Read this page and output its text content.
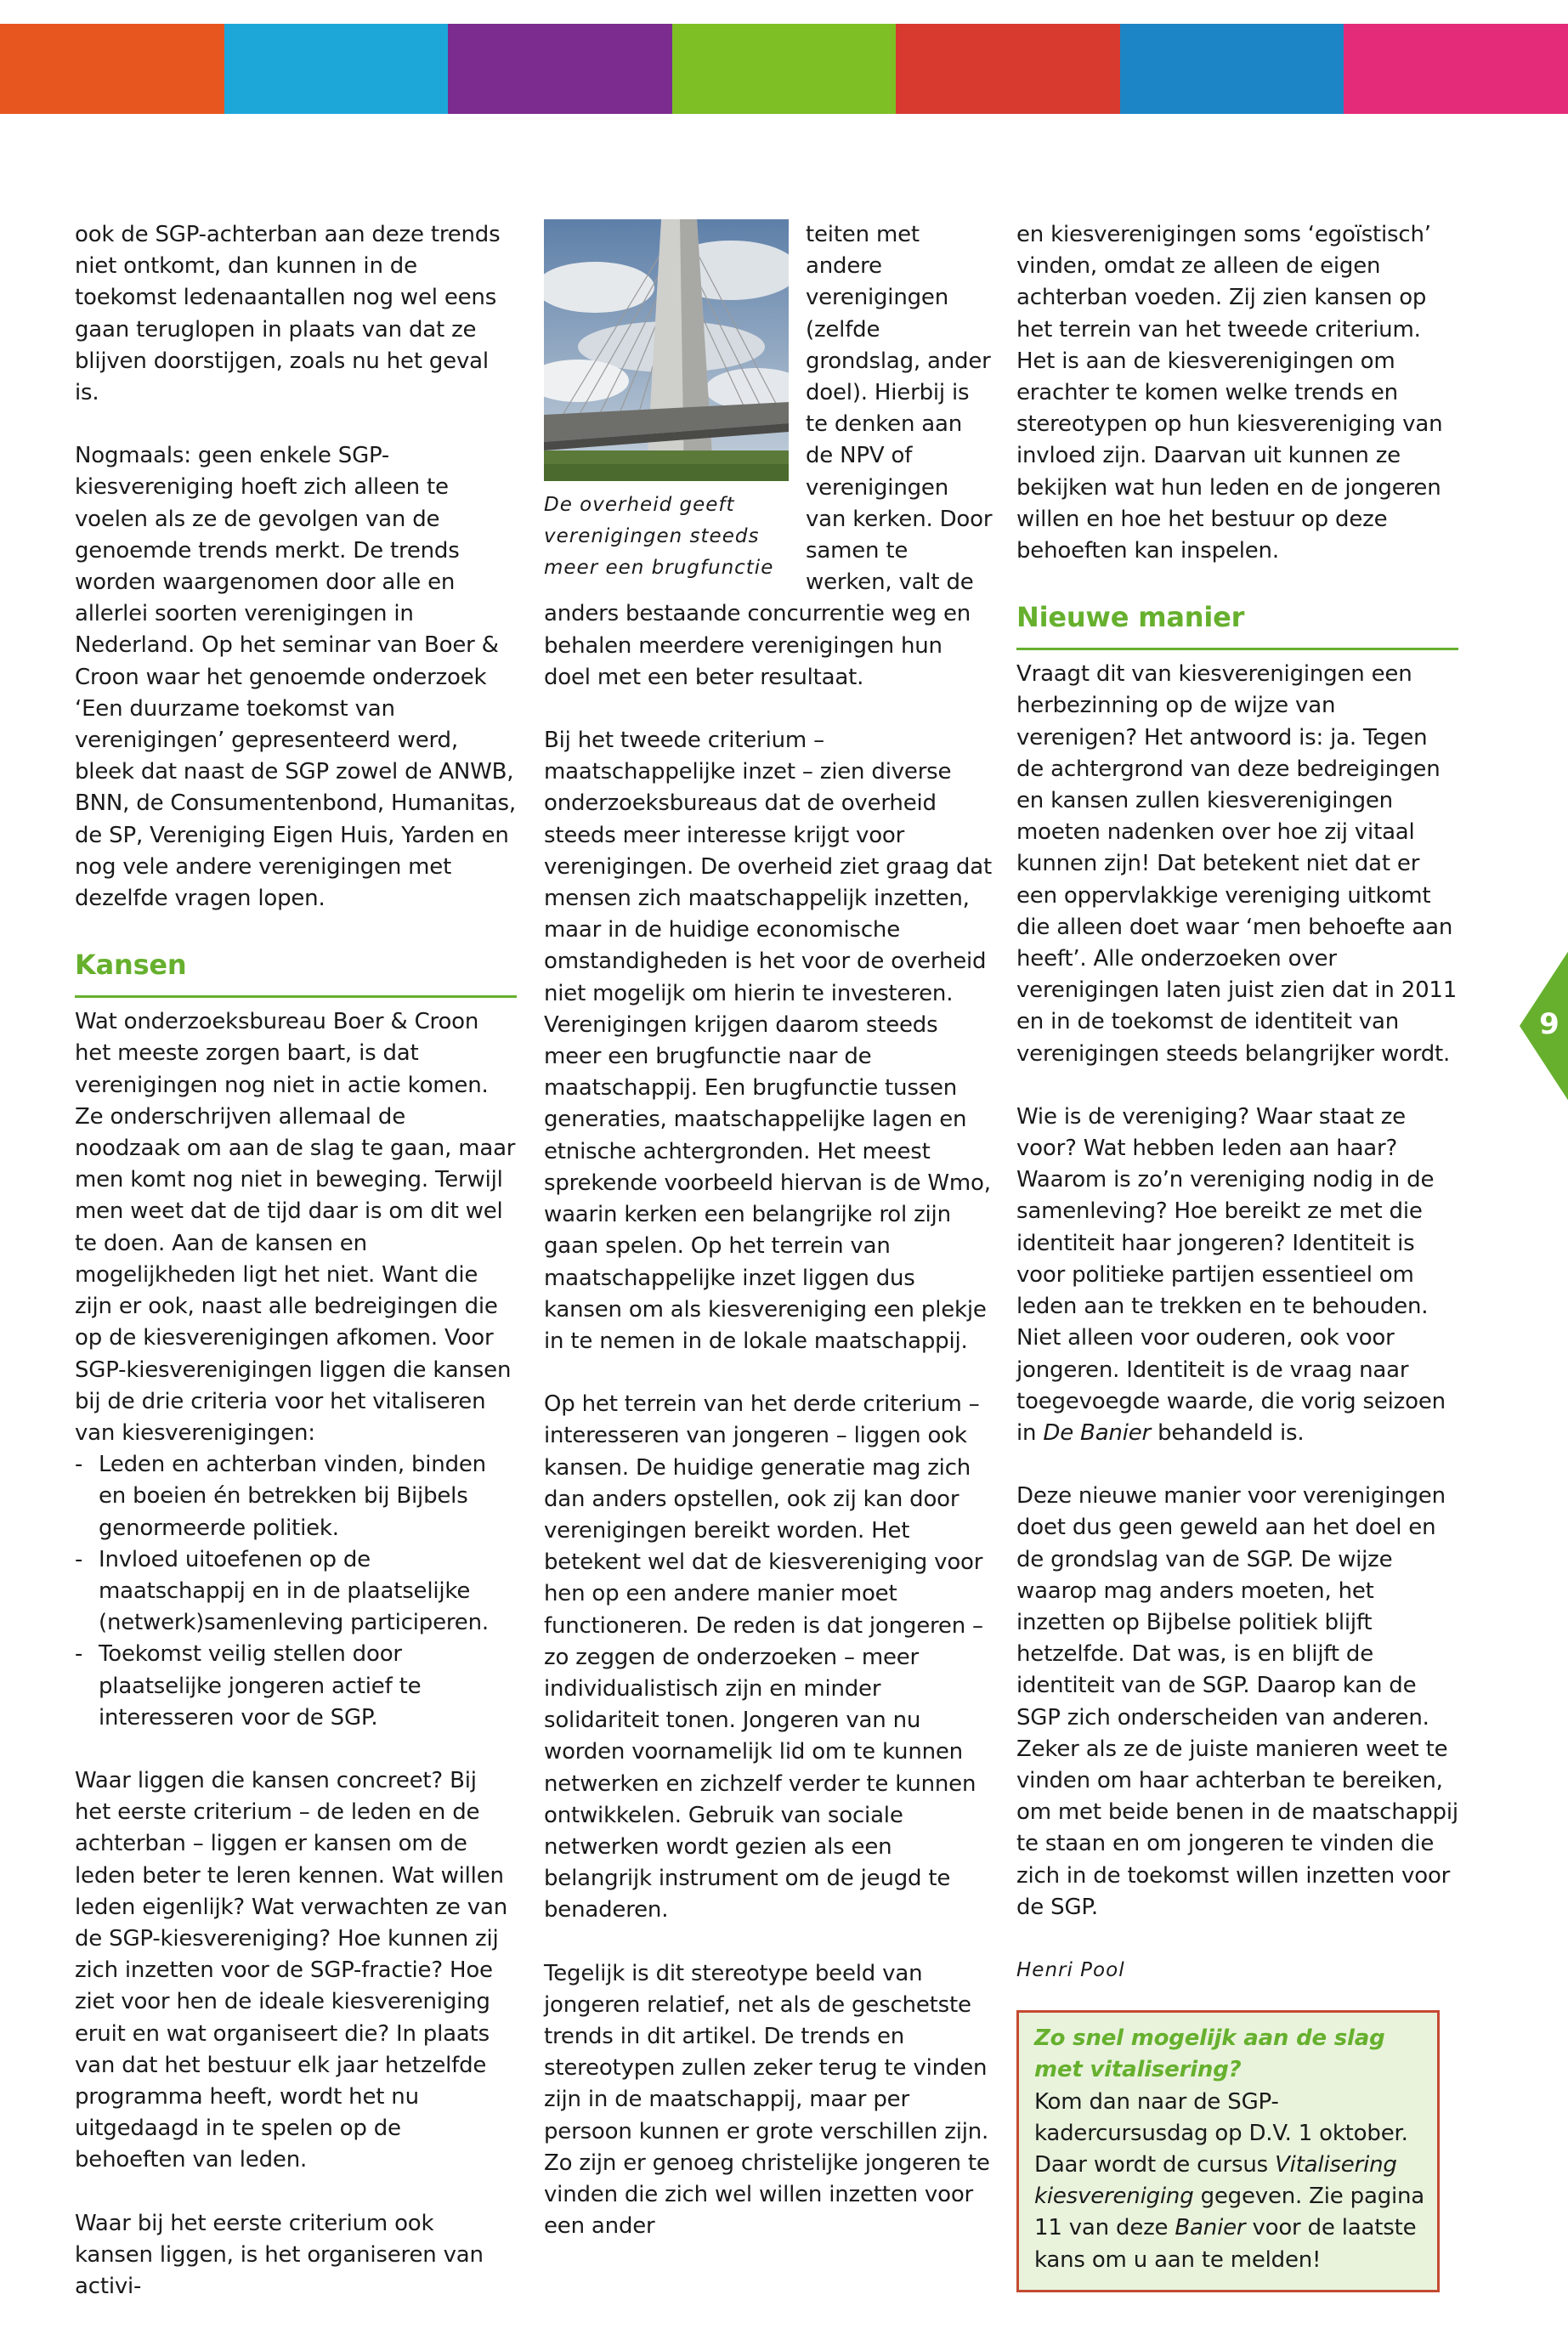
ook de SGP-achterban aan deze trends niet ontkomt, dan kunnen in de toekomst ledenaantallen nog wel eens gaan teruglopen in plaats van dat ze blijven doorstijgen, zoals nu het geval is.

Nogmaals: geen enkele SGP-kiesvereniging hoeft zich alleen te voelen als ze de gevolgen van de genoemde trends merkt. De trends worden waargenomen door alle en allerlei soorten verenigingen in Nederland. Op het seminar van Boer & Croon waar het genoemde onderzoek ‘Een duurzame toekomst van verenigingen’ gepresenteerd werd, bleek dat naast de SGP zowel de ANWB, BNN, de Consumentenbond, Humanitas, de SP, Vereniging Eigen Huis, Yarden en nog vele andere verenigingen met dezelfde vragen lopen.

Kansen

Wat onderzoeksbureau Boer & Croon het meeste zorgen baart, is dat verenigingen nog niet in actie komen. Ze onderschrijven allemaal de noodzaak om aan de slag te gaan, maar men komt nog niet in beweging. Terwijl men weet dat de tijd daar is om dit wel te doen. Aan de kansen en mogelijkheden ligt het niet. Want die zijn er ook, naast alle bedreigingen die op de kiesverenigingen afkomen. Voor SGP-kiesverenigingen liggen die kansen bij de drie criteria voor het vitaliseren van kiesverenigingen:

- Leden en achterban vinden, binden en boeien én betrekken bij Bijbels genormeerde politiek.
- Invloed uitoefenen op de maatschappij en in de plaatselijke (netwerk)samenleving participeren.
- Toekomst veilig stellen door plaatselijke jongeren actief te interesseren voor de SGP.

Waar liggen die kansen concreet? Bij het eerste criterium – de leden en de achterban – liggen er kansen om de leden beter te leren kennen. Wat willen leden eigenlijk? Wat verwachten ze van de SGP-kiesvereniging? Hoe kunnen zij zich inzetten voor de SGP-fractie? Hoe ziet voor hen de ideale kiesvereniging eruit en wat organiseert die? In plaats van dat het bestuur elk jaar hetzelfde programma heeft, wordt het nu uitgedaagd in te spelen op de behoeften van leden.

Waar bij het eerste criterium ook kansen liggen, is het organiseren van activi-

De overheid geeft verenigingen steeds meer een brugfunctie

teiten met andere verenigingen (zelfde grondslag, ander doel). Hierbij is te denken aan de NPV of verenigingen van kerken. Door samen te werken, valt de anders bestaande concurrentie weg en behalen meerdere verenigingen hun doel met een beter resultaat.

Bij het tweede criterium – maatschappelijke inzet – zien diverse onderzoeksbureaus dat de overheid steeds meer interesse krijgt voor verenigingen. De overheid ziet graag dat mensen zich maatschappelijk inzetten, maar in de huidige economische omstandigheden is het voor de overheid niet mogelijk om hierin te investeren. Verenigingen krijgen daarom steeds meer een brugfunctie naar de maatschappij. Een brugfunctie tussen generaties, maatschappelijke lagen en etnische achtergronden. Het meest sprekende voorbeeld hiervan is de Wmo, waarin kerken een belangrijke rol zijn gaan spelen. Op het terrein van maatschappelijke inzet liggen dus kansen om als kiesvereniging een plekje in te nemen in de lokale maatschappij.

Op het terrein van het derde criterium – interesseren van jongeren – liggen ook kansen. De huidige generatie mag zich dan anders opstellen, ook zij kan door verenigingen bereikt worden. Het betekent wel dat de kiesvereniging voor hen op een andere manier moet functioneren. De reden is dat jongeren – zo zeggen de onderzoeken – meer individualistisch zijn en minder solidariteit tonen. Jongeren van nu worden voornamelijk lid om te kunnen netwerken en zichzelf verder te kunnen ontwikkelen. Gebruik van sociale netwerken wordt gezien als een belangrijk instrument om de jeugd te benaderen.

Tegelijk is dit stereotype beeld van jongeren relatief, net als de geschetste trends in dit artikel. De trends en stereotypen zullen zeker terug te vinden zijn in de maatschappij, maar per persoon kunnen er grote verschillen zijn. Zo zijn er genoeg christelijke jongeren te vinden die zich wel willen inzetten voor een ander

en kiesverenigingen soms ‘egoïstisch’ vinden, omdat ze alleen de eigen achterban voeden. Zij zien kansen op het terrein van het tweede criterium. Het is aan de kiesverenigingen om erachter te komen welke trends en stereotypen op hun kiesvereniging van invloed zijn. Daarvan uit kunnen ze bekijken wat hun leden en de jongeren willen en hoe het bestuur op deze behoeften kan inspelen.

Nieuwe manier

Vraagt dit van kiesverenigingen een herbezinning op de wijze van verenigen? Het antwoord is: ja. Tegen de achtergrond van deze bedreigingen en kansen zullen kiesverenigingen moeten nadenken over hoe zij vitaal kunnen zijn! Dat betekent niet dat er een oppervlakkige vereniging uitkomt die alleen doet waar ‘men behoefte aan heeft’. Alle onderzoeken over verenigingen laten juist zien dat in 2011 en in de toekomst de identiteit van verenigingen steeds belangrijker wordt.

Wie is de vereniging? Waar staat ze voor? Wat hebben leden aan haar? Waarom is zo’n vereniging nodig in de samenleving? Hoe bereikt ze met die identiteit haar jongeren? Identiteit is voor politieke partijen essentieel om leden aan te trekken en te behouden. Niet alleen voor ouderen, ook voor jongeren. Identiteit is de vraag naar toegevoegde waarde, die vorig seizoen in De Banier behandeld is.

Deze nieuwe manier voor verenigingen doet dus geen geweld aan het doel en de grondslag van de SGP. De wijze waarop mag anders moeten, het inzetten op Bijbelse politiek blijft hetzelfde. Dat was, is en blijft de identiteit van de SGP. Daarop kan de SGP zich onderscheiden van anderen. Zeker als ze de juiste manieren weet te vinden om haar achterban te bereiken, om met beide benen in de maatschappij te staan en om jongeren te vinden die zich in de toekomst willen inzetten voor de SGP.

Henri Pool
Zo snel mogelijk aan de slag met vitalisering?
Kom dan naar de SGP-kadercursusdag op D.V. 1 oktober. Daar wordt de cursus Vitalisering kiesvereniging gegeven. Zie pagina 11 van deze Banier voor de laatste kans om u aan te melden!
9
